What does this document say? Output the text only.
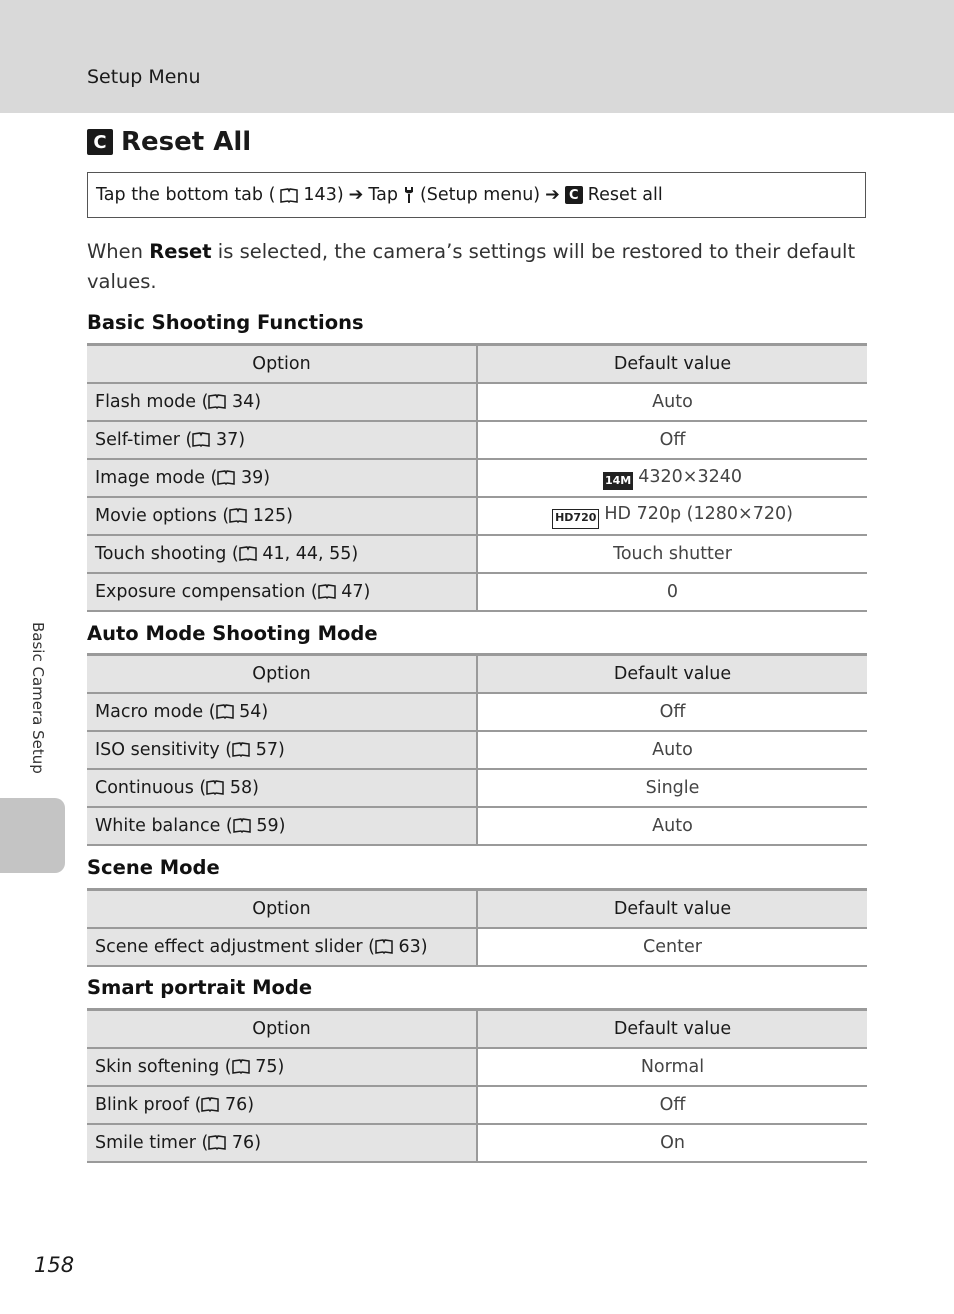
Setup Menu
C Reset All
Tap the bottom tab ( 143) ➔ Tap (Setup menu) ➔ C Reset all
When Reset is selected, the camera’s settings will be restored to their default values.
Basic Shooting Functions
Option	Default value
Flash mode ( 34)	Auto
Self-timer ( 37)	Off
Image mode ( 39)	14M 4320×3240
Movie options ( 125)	HD720 HD 720p (1280×720)
Touch shooting ( 41, 44, 55)	Touch shutter
Exposure compensation ( 47)	0
Auto Mode Shooting Mode
Option	Default value
Macro mode ( 54)	Off
ISO sensitivity ( 57)	Auto
Continuous ( 58)	Single
White balance ( 59)	Auto
Scene Mode
Option	Default value
Scene effect adjustment slider ( 63)	Center
Smart portrait Mode
Option	Default value
Skin softening ( 75)	Normal
Blink proof ( 76)	Off
Smile timer ( 76)	On
Basic Camera Setup
158
